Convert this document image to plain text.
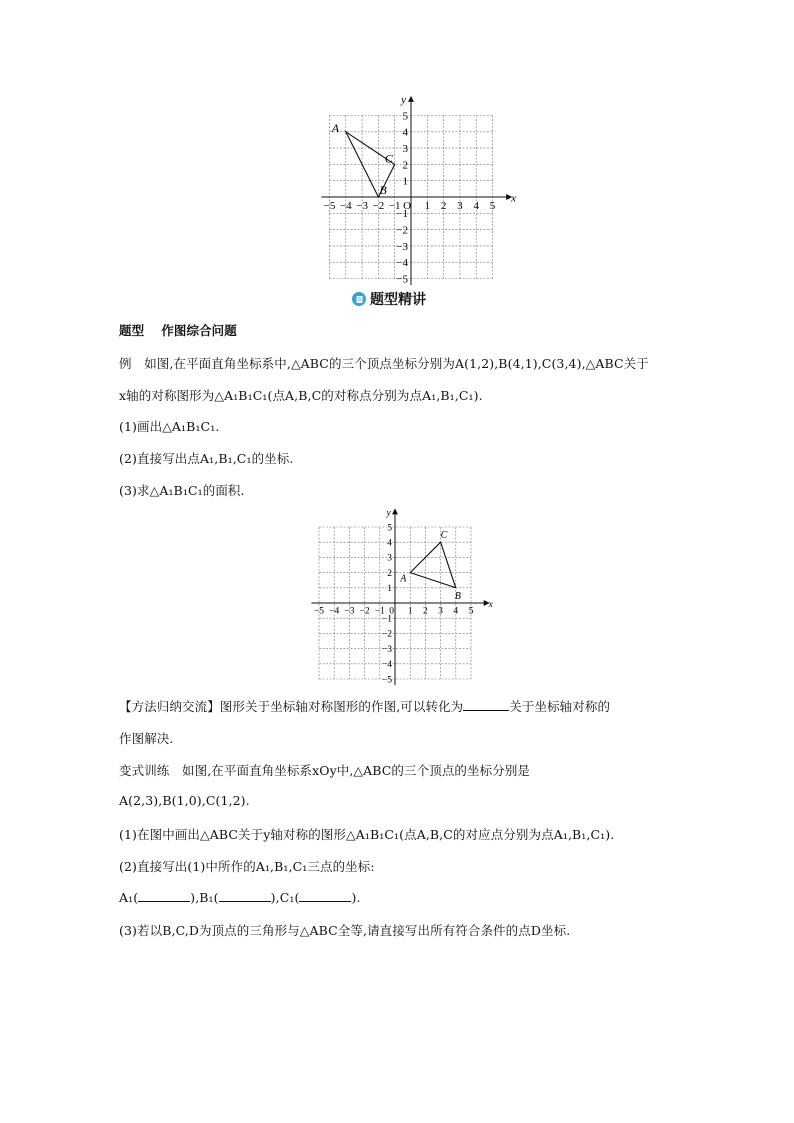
x
y
−5 −4 −3 −2 −1 O 1 2 3 4 5
5
4
3
2
1
−1
−2
−3
−4
−5
A
B
C
题型精讲
题型　 作图综合问题
例　如图,在平面直角坐标系中,△ABC的三个顶点坐标分别为A(1,2),B(4,1),C(3,4),△ABC关于
x轴的对称图形为△A₁B₁C₁(点A,B,C的对称点分别为点A₁,B₁,C₁).
(1)画出△A₁B₁C₁.
(2)直接写出点A₁,B₁,C₁的坐标.
(3)求△A₁B₁C₁的面积.
x
y
−5 −4 −3 −2 −1 0 1 2 3 4 5
5
4
3
2
1
−1
−2
−3
−4
−5
A
B
C
【方法归纳交流】图形关于坐标轴对称图形的作图,可以转化为	关于坐标轴对称的
作图解决.
变式训练　如图,在平面直角坐标系xOy中,△ABC的三个顶点的坐标分别是
A(2,3),B(1,0),C(1,2).
(1)在图中画出△ABC关于y轴对称的图形△A₁B₁C₁(点A,B,C的对应点分别为点A₁,B₁,C₁).
(2)直接写出(1)中所作的A₁,B₁,C₁三点的坐标:
A₁(	),B₁(	),C₁(	).
(3)若以B,C,D为顶点的三角形与△ABC全等,请直接写出所有符合条件的点D坐标.
